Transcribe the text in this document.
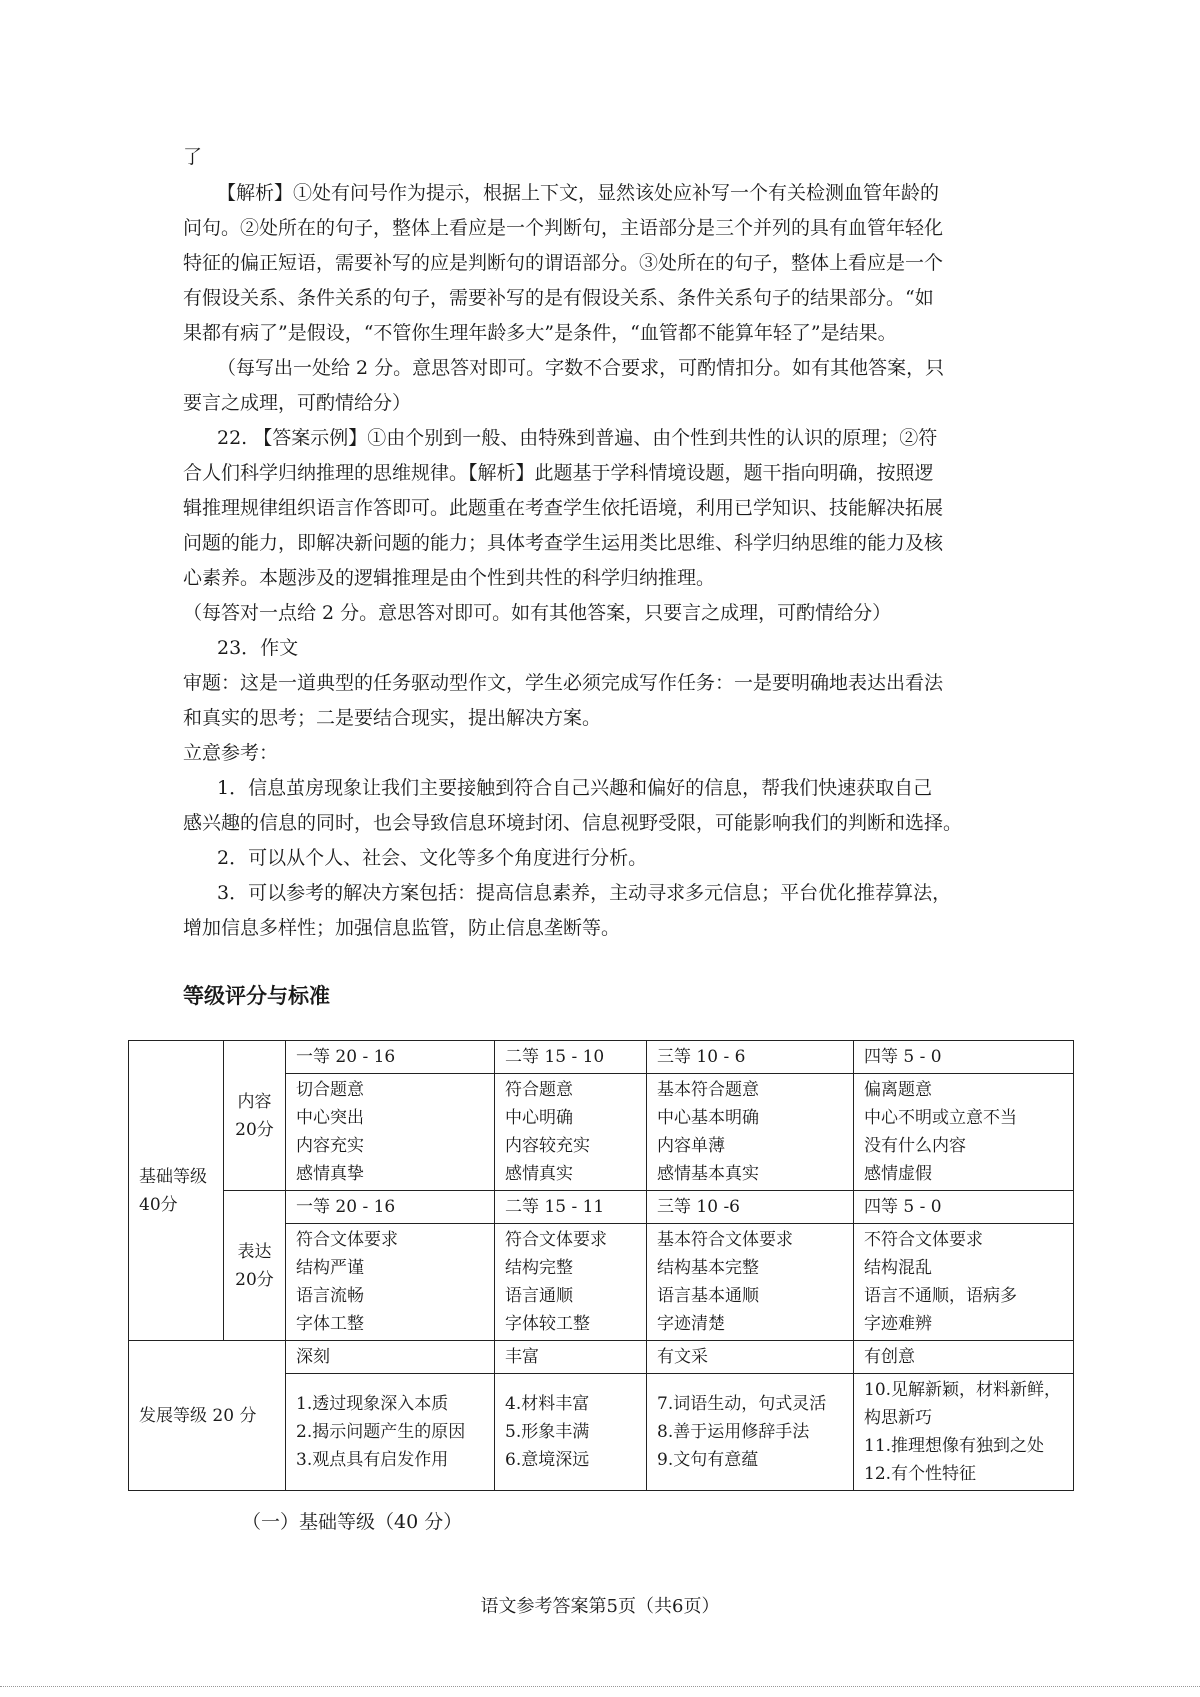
了
【解析】①处有问号作为提示，根据上下文，显然该处应补写一个有关检测血管年龄的
问句。②处所在的句子，整体上看应是一个判断句，主语部分是三个并列的具有血管年轻化
特征的偏正短语，需要补写的应是判断句的谓语部分。③处所在的句子，整体上看应是一个
有假设关系、条件关系的句子，需要补写的是有假设关系、条件关系句子的结果部分。“如
果都有病了”是假设，“不管你生理年龄多大”是条件，“血管都不能算年轻了”是结果。
（每写出一处给 2 分。意思答对即可。字数不合要求，可酌情扣分。如有其他答案，只
要言之成理，可酌情给分）
22. 【答案示例】①由个别到一般、由特殊到普遍、由个性到共性的认识的原理；②符
合人们科学归纳推理的思维规律。【解析】此题基于学科情境设题，题干指向明确，按照逻
辑推理规律组织语言作答即可。此题重在考查学生依托语境，利用已学知识、技能解决拓展
问题的能力，即解决新问题的能力；具体考查学生运用类比思维、科学归纳思维的能力及核
心素养。本题涉及的逻辑推理是由个性到共性的科学归纳推理。
（每答对一点给 2 分。意思答对即可。如有其他答案，只要言之成理，可酌情给分）
23．作文
审题：这是一道典型的任务驱动型作文，学生必须完成写作任务：一是要明确地表达出看法
和真实的思考；二是要结合现实，提出解决方案。
立意参考：
1．信息茧房现象让我们主要接触到符合自己兴趣和偏好的信息，帮我们快速获取自己
感兴趣的信息的同时，也会导致信息环境封闭、信息视野受限，可能影响我们的判断和选择。
2．可以从个人、社会、文化等多个角度进行分析。
3．可以参考的解决方案包括：提高信息素养，主动寻求多元信息；平台优化推荐算法，
增加信息多样性；加强信息监管，防止信息垄断等。
等级评分与标准
基础等级40分	内容
20分	一等 20 - 16	二等 15 - 10	三等 10 - 6	四等 5 - 0

		切合题意
中心突出
内容充实
感情真挚	符合题意
中心明确
内容较充实
感情真实	基本符合题意
中心基本明确
内容单薄
感情基本真实	偏离题意
中心不明或立意不当
没有什么内容
感情虚假

	表达
20分	一等 20 - 16	二等 15 - 11	三等 10 -6	四等 5 - 0

		符合文体要求
结构严谨
语言流畅
字体工整	符合文体要求
结构完整
语言通顺
字体较工整	基本符合文体要求
结构基本完整
语言基本通顺
字迹清楚	不符合文体要求
结构混乱
语言不通顺，语病多
字迹难辨

发展等级 20 分		深刻	丰富	有文采	有创意

		1.透过现象深入本质
2.揭示问题产生的原因
3.观点具有启发作用	4.材料丰富
5.形象丰满
6.意境深远	7.词语生动，句式灵活
8.善于运用修辞手法
9.文句有意蕴	10.见解新颖，材料新鲜，
构思新巧
11.推理想像有独到之处
12.有个性特征
（一）基础等级（40 分）
语文参考答案第5页（共6页）
